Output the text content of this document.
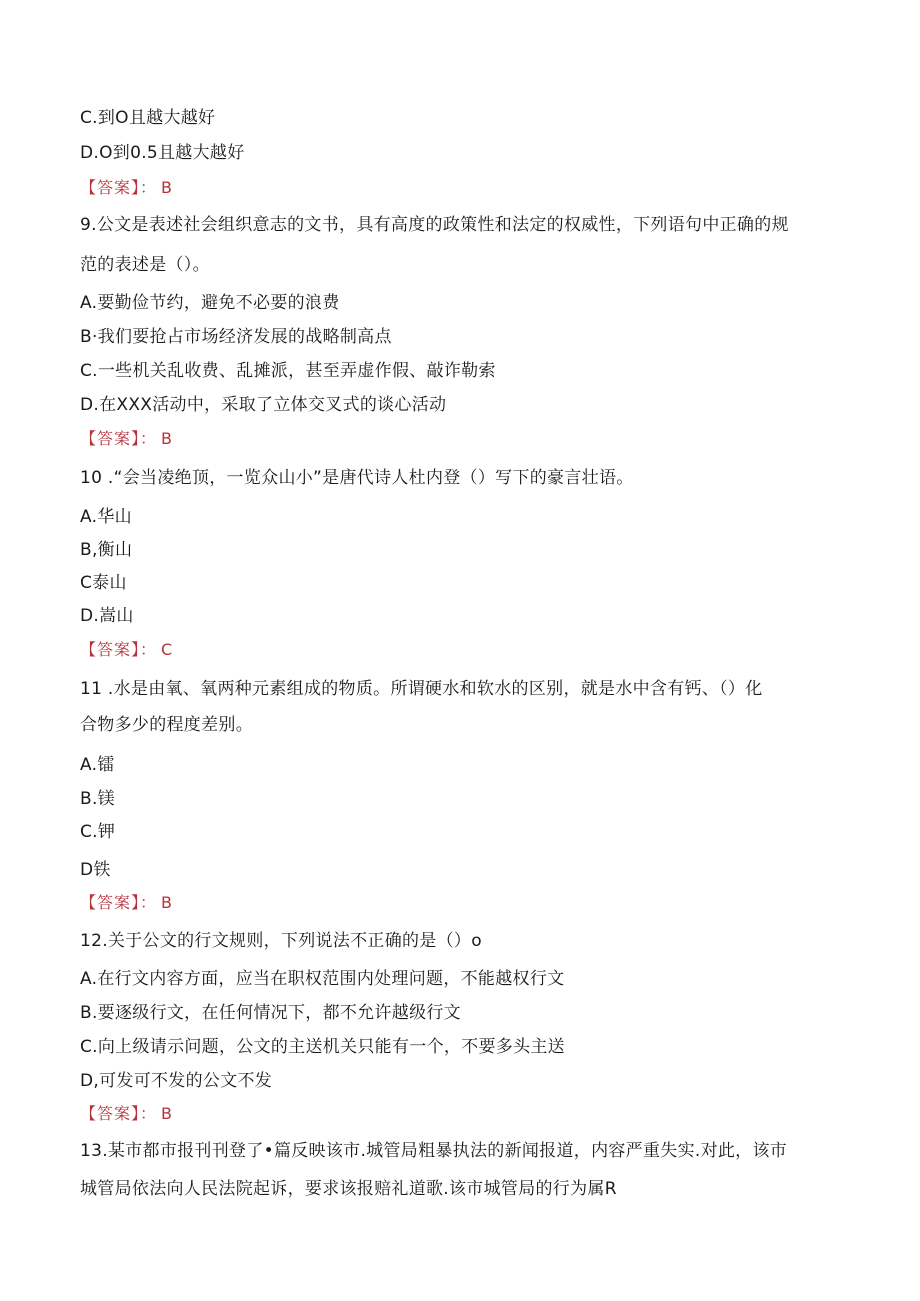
C.到O且越大越好
D.O到0.5且越大越好
【答案】： B
9.公文是表述社会组织意志的文书，具有高度的政策性和法定的权威性，下列语句中正确的规
范的表述是（）。
A.要勤俭节约，避免不必要的浪费
B·我们要抢占市场经济发展的战略制高点
C.一些机关乱收费、乱摊派，甚至弄虚作假、敲诈勒索
D.在XXX活动中，采取了立体交叉式的谈心活动
【答案】： B
10 .“会当凌绝顶，一览众山小”是唐代诗人杜内登（）写下的豪言壮语。
A.华山
B,衡山
C泰山
D.嵩山
【答案】： C
11 .水是由氧、氧两种元素组成的物质。所谓硬水和软水的区别，就是水中含有钙、（）化
合物多少的程度差别。
A.镭
B.镁
C.钾
D铁
【答案】： B
12.关于公文的行文规则，下列说法不正确的是（）o
A.在行文内容方面，应当在职权范围内处理问题，不能越权行文
B.要逐级行文，在任何情况下，都不允许越级行文
C.向上级请示问题，公文的主送机关只能有一个，不要多头主送
D,可发可不发的公文不发
【答案】： B
13.某市都市报刊刊登了•篇反映该市.城管局粗暴执法的新闻报道，内容严重失实.对此，该市
城管局依法向人民法院起诉，要求该报赔礼道歌.该市城管局的行为属R
